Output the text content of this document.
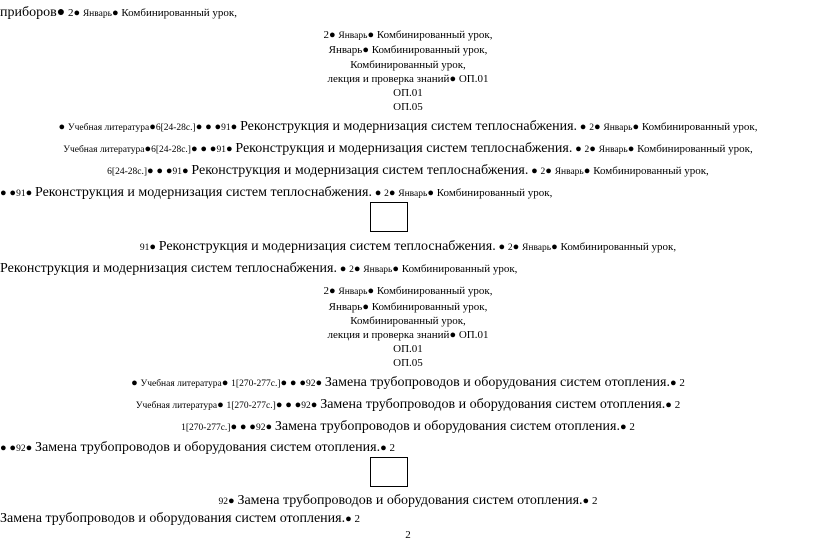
приборов● 2● Январь● Комбинированный урок,
2● Январь● Комбинированный урок,
Январь● Комбинированный урок,
Комбинированный урок,
лекция и проверка знаний● ОП.01
ОП.01
ОП.05
● Учебная литература●6[24-28с.]● ● ●91● Реконструкция и модернизация систем теплоснабжения. ● 2● Январь● Комбинированный урок,
Учебная литература●6[24-28с.]● ● ●91● Реконструкция и модернизация систем теплоснабжения. ● 2● Январь● Комбинированный урок,
6[24-28с.]● ● ●91● Реконструкция и модернизация систем теплоснабжения. ● 2● Январь● Комбинированный урок,
● ●91● Реконструкция и модернизация систем теплоснабжения. ● 2● Январь● Комбинированный урок,
91● Реконструкция и модернизация систем теплоснабжения. ● 2● Январь● Комбинированный урок,
Реконструкция и модернизация систем теплоснабжения. ● 2● Январь● Комбинированный урок,
2● Январь● Комбинированный урок,
Январь● Комбинированный урок,
Комбинированный урок,
лекция и проверка знаний● ОП.01
ОП.01
ОП.05
● Учебная литература● 1[270-277с.]● ● ●92● Замена трубопроводов и оборудования систем отопления.● 2
Учебная литература● 1[270-277с.]● ● ●92● Замена трубопроводов и оборудования систем отопления.● 2
1[270-277с.]● ● ●92● Замена трубопроводов и оборудования систем отопления.● 2
● ●92● Замена трубопроводов и оборудования систем отопления.● 2
92● Замена трубопроводов и оборудования систем отопления.● 2
Замена трубопроводов и оборудования систем отопления.● 2
2
